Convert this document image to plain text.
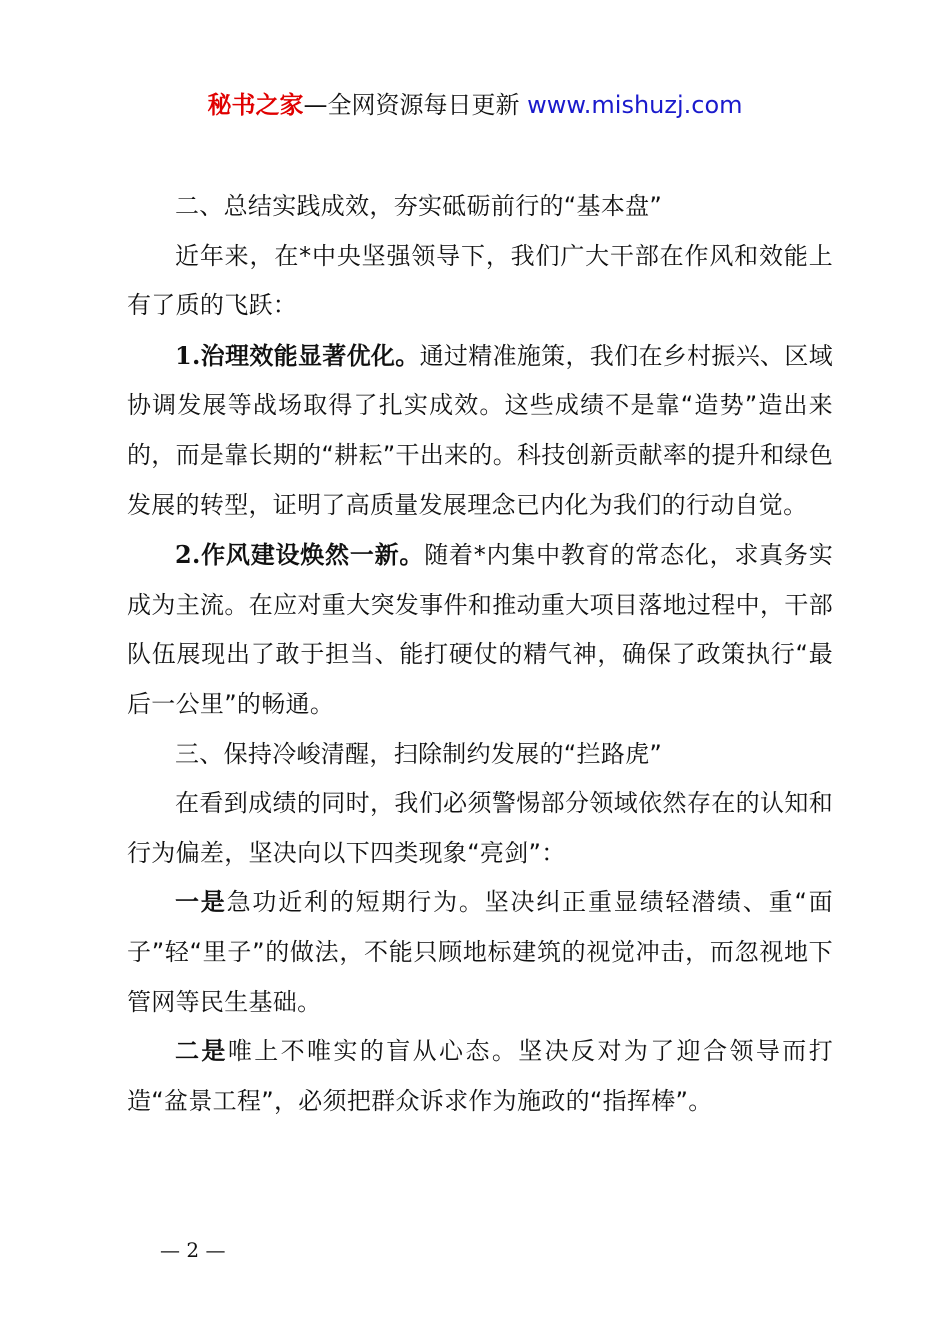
秘书之家—全网资源每日更新 www.mishuzj.com

二、总结实践成效，夯实砥砺前行的“基本盘”

近年来，在*中央坚强领导下，我们广大干部在作风和效能上有了质的飞跃：

1.治理效能显著优化。通过精准施策，我们在乡村振兴、区域协调发展等战场取得了扎实成效。这些成绩不是靠“造势”造出来的，而是靠长期的“耕耘”干出来的。科技创新贡献率的提升和绿色发展的转型，证明了高质量发展理念已内化为我们的行动自觉。

2.作风建设焕然一新。随着*内集中教育的常态化，求真务实成为主流。在应对重大突发事件和推动重大项目落地过程中，干部队伍展现出了敢于担当、能打硬仗的精气神，确保了政策执行“最后一公里”的畅通。

三、保持冷峻清醒，扫除制约发展的“拦路虎”

在看到成绩的同时，我们必须警惕部分领域依然存在的认知和行为偏差，坚决向以下四类现象“亮剑”：

一是急功近利的短期行为。坚决纠正重显绩轻潜绩、重“面子”轻“里子”的做法，不能只顾地标建筑的视觉冲击，而忽视地下管网等民生基础。

二是唯上不唯实的盲从心态。坚决反对为了迎合领导而打造“盆景工程”，必须把群众诉求作为施政的“指挥棒”。

— 2 —
